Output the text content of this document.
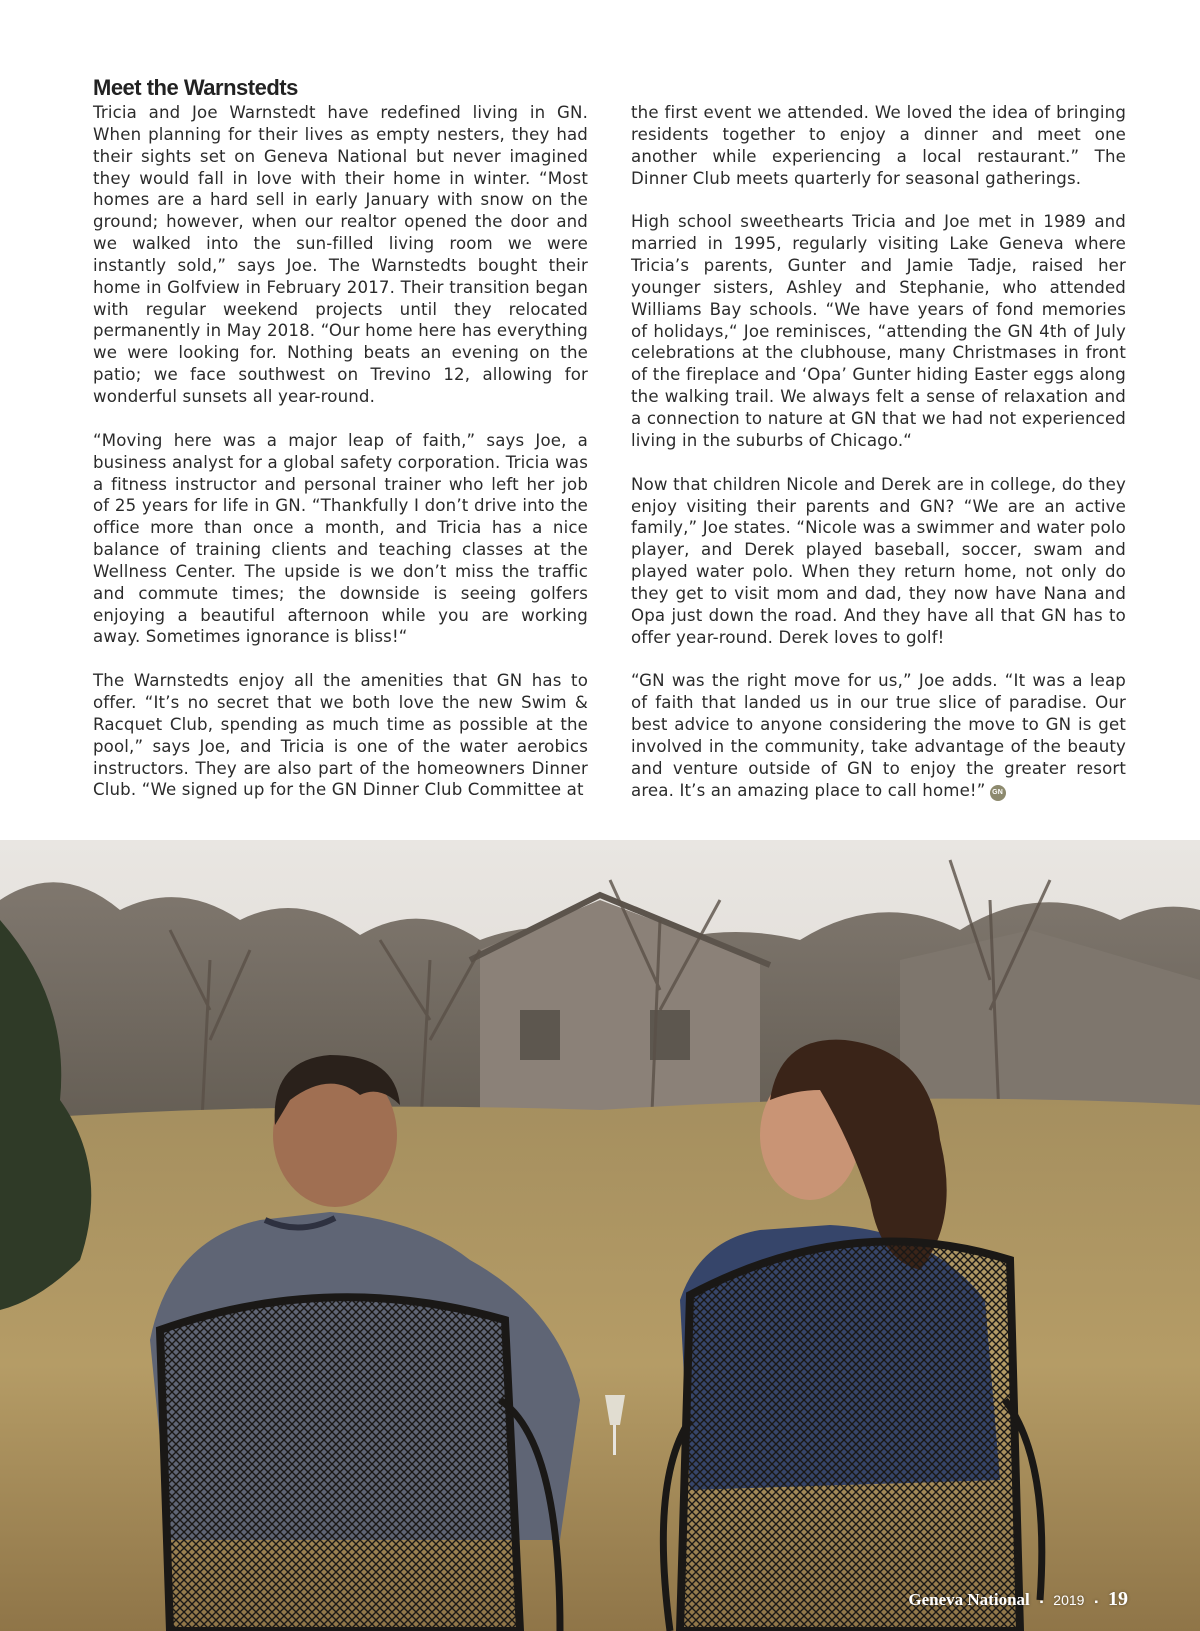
Meet the Warnstedts

Tricia and Joe Warnstedt have redefined living in GN. When planning for their lives as empty nesters, they had their sights set on Geneva National but never imagined they would fall in love with their home in winter. “Most homes are a hard sell in early January with snow on the ground; however, when our realtor opened the door and we walked into the sun-filled living room we were instantly sold,” says Joe. The Warnstedts bought their home in Golfview in February 2017. Their transition began with regular weekend projects until they relocated permanently in May 2018. “Our home here has everything we were looking for. Nothing beats an evening on the patio; we face southwest on Trevino 12, allowing for wonderful sunsets all year-round.

“Moving here was a major leap of faith,” says Joe, a business analyst for a global safety corporation. Tricia was a fitness instructor and personal trainer who left her job of 25 years for life in GN. “Thankfully I don’t drive into the office more than once a month, and Tricia has a nice balance of training clients and teaching classes at the Wellness Center. The upside is we don’t miss the traffic and commute times; the downside is seeing golfers enjoying a beautiful afternoon while you are working away. Sometimes ignorance is bliss!“

The Warnstedts enjoy all the amenities that GN has to offer. “It’s no secret that we both love the new Swim & Racquet Club, spending as much time as possible at the pool,” says Joe, and Tricia is one of the water aerobics instructors. They are also part of the homeowners Dinner Club. “We signed up for the GN Dinner Club Committee at

the first event we attended. We loved the idea of bringing residents together to enjoy a dinner and meet one another while experiencing a local restaurant.” The Dinner Club meets quarterly for seasonal gatherings.

High school sweethearts Tricia and Joe met in 1989 and married in 1995, regularly visiting Lake Geneva where Tricia’s parents, Gunter and Jamie Tadje, raised her younger sisters, Ashley and Stephanie, who attended Williams Bay schools. “We have years of fond memories of holidays,“ Joe reminisces, “attending the GN 4th of July celebrations at the clubhouse, many Christmases in front of the fireplace and ‘Opa’ Gunter hiding Easter eggs along the walking trail. We always felt a sense of relaxation and a connection to nature at GN that we had not experienced living in the suburbs of Chicago.“

Now that children Nicole and Derek are in college, do they enjoy visiting their parents and GN? “We are an active family,” Joe states. “Nicole was a swimmer and water polo player, and Derek played baseball, soccer, swam and played water polo. When they return home, not only do they get to visit mom and dad, they now have Nana and Opa just down the road. And they have all that GN has to offer year-round. Derek loves to golf!

“GN was the right move for us,” Joe adds. “It was a leap of faith that landed us in our true slice of paradise. Our best advice to anyone considering the move to GN is get involved in the community, take advantage of the beauty and venture outside of GN to enjoy the greater resort area. It’s an amazing place to call home!” GN

Geneva National ▪ 2019 ▪ 19
